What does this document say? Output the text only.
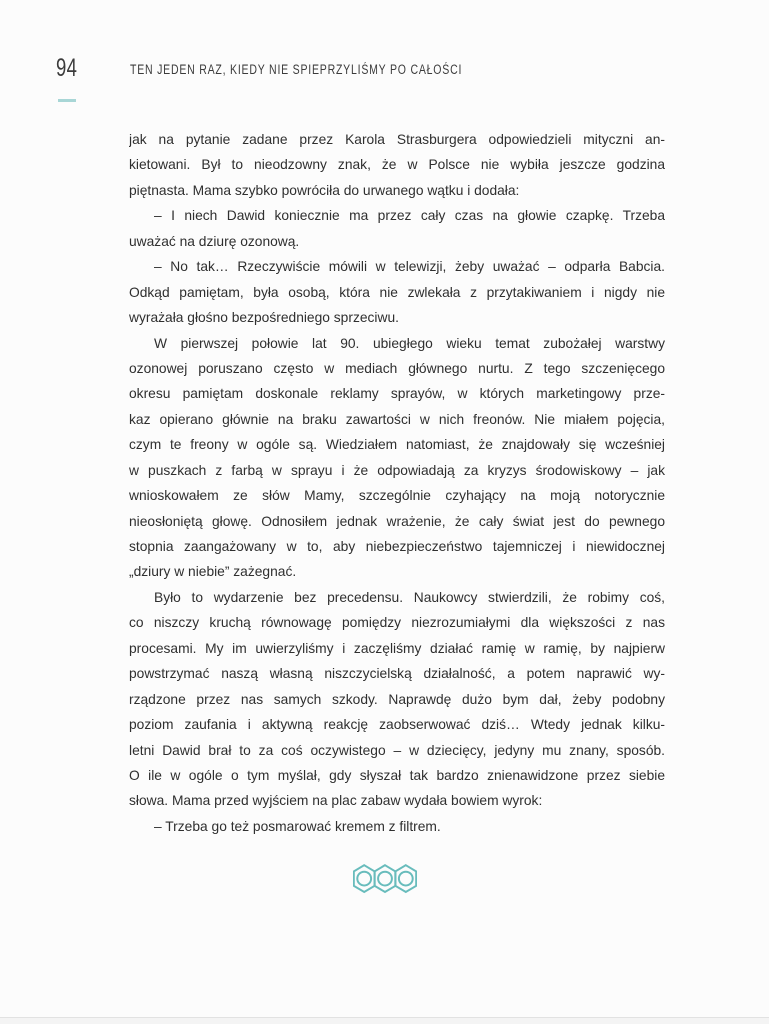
94	TEN JEDEN RAZ, KIEDY NIE SPIEPRZYLIŚMY PO CAŁOŚCI
jak na pytanie zadane przez Karola Strasburgera odpowiedzieli mityczni an-
kietowani. Był to nieodzowny znak, że w Polsce nie wybiła jeszcze godzina
piętnasta. Mama szybko powróciła do urwanego wątku i dodała:
– I niech Dawid koniecznie ma przez cały czas na głowie czapkę. Trzeba
uważać na dziurę ozonową.
– No tak… Rzeczywiście mówili w telewizji, żeby uważać – odparła Babcia.
Odkąd pamiętam, była osobą, która nie zwlekała z przytakiwaniem i nigdy nie
wyrażała głośno bezpośredniego sprzeciwu.
W pierwszej połowie lat 90. ubiegłego wieku temat zubożałej warstwy
ozonowej poruszano często w mediach głównego nurtu. Z tego szczenięcego
okresu pamiętam doskonale reklamy sprayów, w których marketingowy prze-
kaz opierano głównie na braku zawartości w nich freonów. Nie miałem pojęcia,
czym te freony w ogóle są. Wiedziałem natomiast, że znajdowały się wcześniej
w puszkach z farbą w sprayu i że odpowiadają za kryzys środowiskowy – jak
wnioskowałem ze słów Mamy, szczególnie czyhający na moją notorycznie
nieosłoniętą głowę. Odnosiłem jednak wrażenie, że cały świat jest do pewnego
stopnia zaangażowany w to, aby niebezpieczeństwo tajemniczej i niewidocznej
„dziury w niebie” zażegnać.
Było to wydarzenie bez precedensu. Naukowcy stwierdzili, że robimy coś,
co niszczy kruchą równowagę pomiędzy niezrozumiałymi dla większości z nas
procesami. My im uwierzyliśmy i zaczęliśmy działać ramię w ramię, by najpierw
powstrzymać naszą własną niszczycielską działalność, a potem naprawić wy-
rządzone przez nas samych szkody. Naprawdę dużo bym dał, żeby podobny
poziom zaufania i aktywną reakcję zaobserwować dziś… Wtedy jednak kilku-
letni Dawid brał to za coś oczywistego – w dziecięcy, jedyny mu znany, sposób.
O ile w ogóle o tym myślał, gdy słyszał tak bardzo znienawidzone przez siebie
słowa. Mama przed wyjściem na plac zabaw wydała bowiem wyrok:
– Trzeba go też posmarować kremem z filtrem.
